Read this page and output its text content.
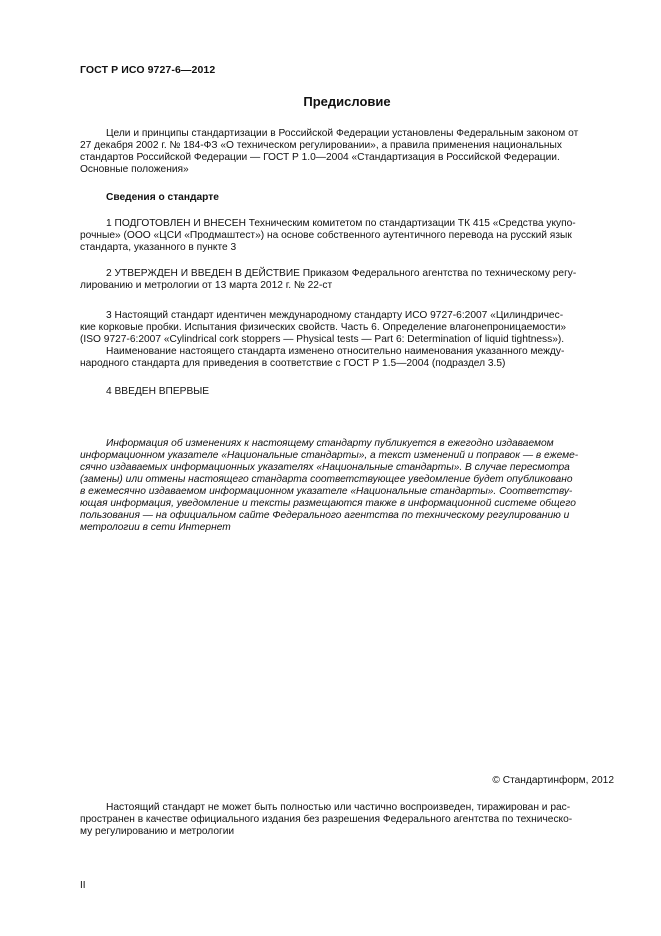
ГОСТ Р ИСО 9727-6—2012
Предисловие

Цели и принципы стандартизации в Российской Федерации установлены Федеральным законом от

27 декабря 2002 г. № 184-ФЗ «О техническом регулировании», а правила применения национальных

стандартов Российской Федерации — ГОСТ Р 1.0—2004 «Стандартизация в Российской Федерации.

Основные положения»

Сведения о стандарте

1 ПОДГОТОВЛЕН И ВНЕСЕН Техническим комитетом по стандартизации ТК 415 «Средства укупо-

рочные» (ООО «ЦСИ «Продмаштест») на основе собственного аутентичного перевода на русский язык

стандарта, указанного в пункте 3

2 УТВЕРЖДЕН И ВВЕДЕН В ДЕЙСТВИЕ Приказом Федерального агентства по техническому регу-

лированию и метрологии от 13 марта 2012 г. № 22-ст

3 Настоящий стандарт идентичен международному стандарту ИСО 9727-6:2007 «Цилиндричес-

кие корковые пробки. Испытания физических свойств. Часть 6. Определение влагонепроницаемости»

(ISO 9727-6:2007 «Cylindrical cork stoppers — Physical tests — Part 6: Determination of liquid tightness»).

Наименование настоящего стандарта изменено относительно наименования указанного между-

народного стандарта для приведения в соответствие с ГОСТ Р 1.5—2004 (подраздел 3.5)

4 ВВЕДЕН ВПЕРВЫЕ

Информация об изменениях к настоящему стандарту публикуется в ежегодно издаваемом

информационном указателе «Национальные стандарты», а текст изменений и поправок — в ежеме-

сячно издаваемых информационных указателях «Национальные стандарты». В случае пересмотра

(замены) или отмены настоящего стандарта соответствующее уведомление будет опубликовано

в ежемесячно издаваемом информационном указателе «Национальные стандарты». Соответству-

ющая информация, уведомление и тексты размещаются также в информационной системе общего

пользования — на официальном сайте Федерального агентства по техническому регулированию и

метрологии в сети Интернет

© Стандартинформ, 2012

Настоящий стандарт не может быть полностью или частично воспроизведен, тиражирован и рас-

пространен в качестве официального издания без разрешения Федерального агентства по техническо-

му регулированию и метрологии

II
